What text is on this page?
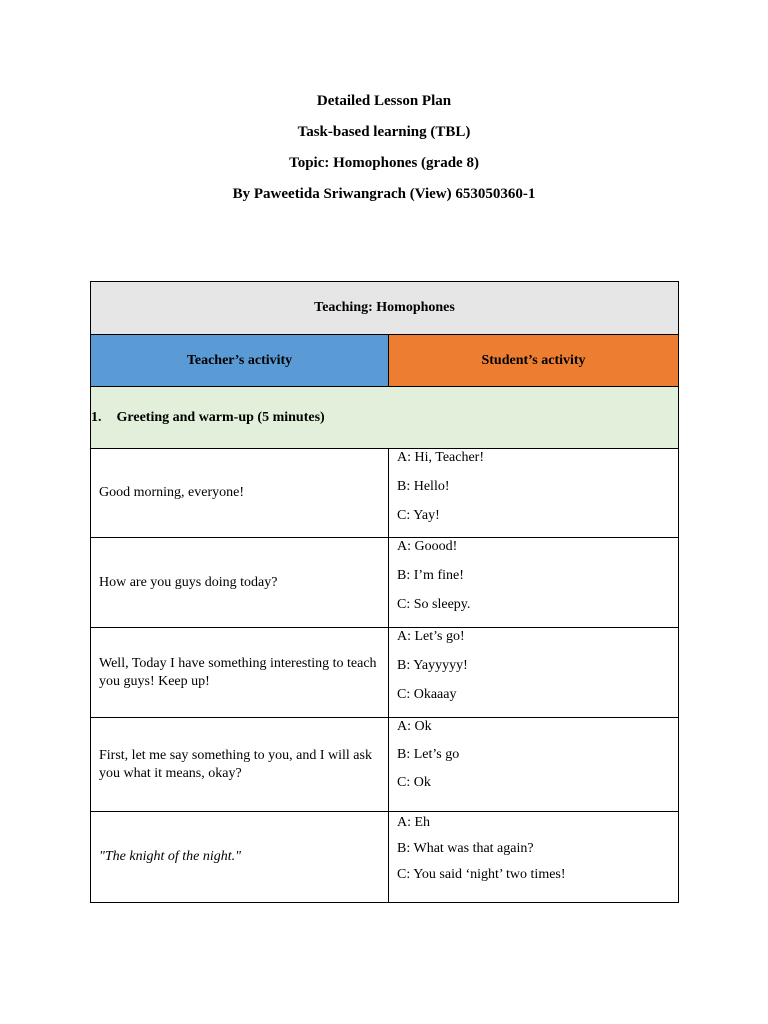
Detailed Lesson Plan
Task-based learning (TBL)
Topic: Homophones (grade 8)
By Paweetida Sriwangrach (View) 653050360-1
Teaching: Homophones	
Teacher’s activity	Student’s activity
1. Greeting and warm-up (5 minutes)	
Good morning, everyone!	A: Hi, Teacher!
B: Hello!
C: Yay!

How are you guys doing today?	A: Goood!
B: I’m fine!
C: So sleepy.

Well, Today I have something interesting to teach you guys! Keep up!	A: Let’s go!
B: Yayyyyy!
C: Okaaay

First, let me say something to you, and I will ask you what it means, okay?	A: Ok
B: Let’s go
C: Ok

"The knight of the night."	A: Eh
B: What was that again?
C: You said ‘night’ two times!
